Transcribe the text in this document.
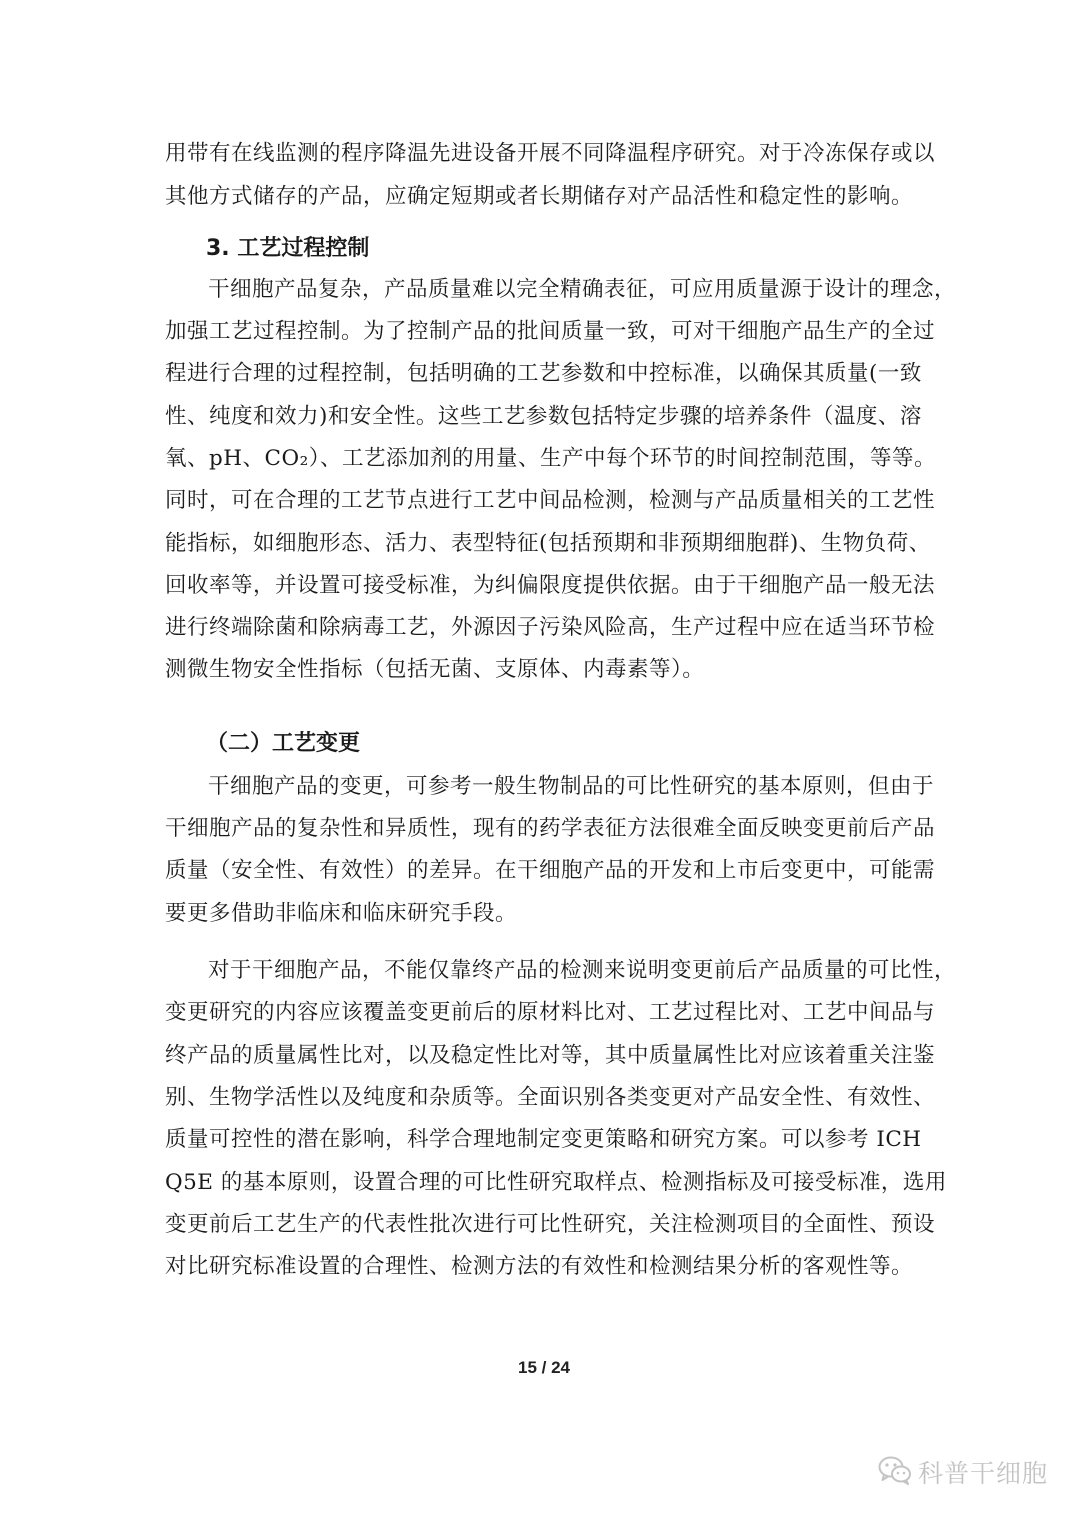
用带有在线监测的程序降温先进设备开展不同降温程序研究。对于冷冻保存或以
其他方式储存的产品，应确定短期或者长期储存对产品活性和稳定性的影响。
3. 工艺过程控制
干细胞产品复杂，产品质量难以完全精确表征，可应用质量源于设计的理念，
加强工艺过程控制。为了控制产品的批间质量一致，可对干细胞产品生产的全过
程进行合理的过程控制，包括明确的工艺参数和中控标准，以确保其质量(一致
性、纯度和效力)和安全性。这些工艺参数包括特定步骤的培养条件（温度、溶
氧、pH、CO₂）、工艺添加剂的用量、生产中每个环节的时间控制范围，等等。
同时，可在合理的工艺节点进行工艺中间品检测，检测与产品质量相关的工艺性
能指标，如细胞形态、活力、表型特征(包括预期和非预期细胞群)、生物负荷、
回收率等，并设置可接受标准，为纠偏限度提供依据。由于干细胞产品一般无法
进行终端除菌和除病毒工艺，外源因子污染风险高，生产过程中应在适当环节检
测微生物安全性指标（包括无菌、支原体、内毒素等）。
（二）工艺变更
干细胞产品的变更，可参考一般生物制品的可比性研究的基本原则，但由于
干细胞产品的复杂性和异质性，现有的药学表征方法很难全面反映变更前后产品
质量（安全性、有效性）的差异。在干细胞产品的开发和上市后变更中，可能需
要更多借助非临床和临床研究手段。
对于干细胞产品，不能仅靠终产品的检测来说明变更前后产品质量的可比性，
变更研究的内容应该覆盖变更前后的原材料比对、工艺过程比对、工艺中间品与
终产品的质量属性比对，以及稳定性比对等，其中质量属性比对应该着重关注鉴
别、生物学活性以及纯度和杂质等。全面识别各类变更对产品安全性、有效性、
质量可控性的潜在影响，科学合理地制定变更策略和研究方案。可以参考 ICH
Q5E 的基本原则，设置合理的可比性研究取样点、检测指标及可接受标准，选用
变更前后工艺生产的代表性批次进行可比性研究，关注检测项目的全面性、预设
对比研究标准设置的合理性、检测方法的有效性和检测结果分析的客观性等。
15 / 24
科普干细胞
